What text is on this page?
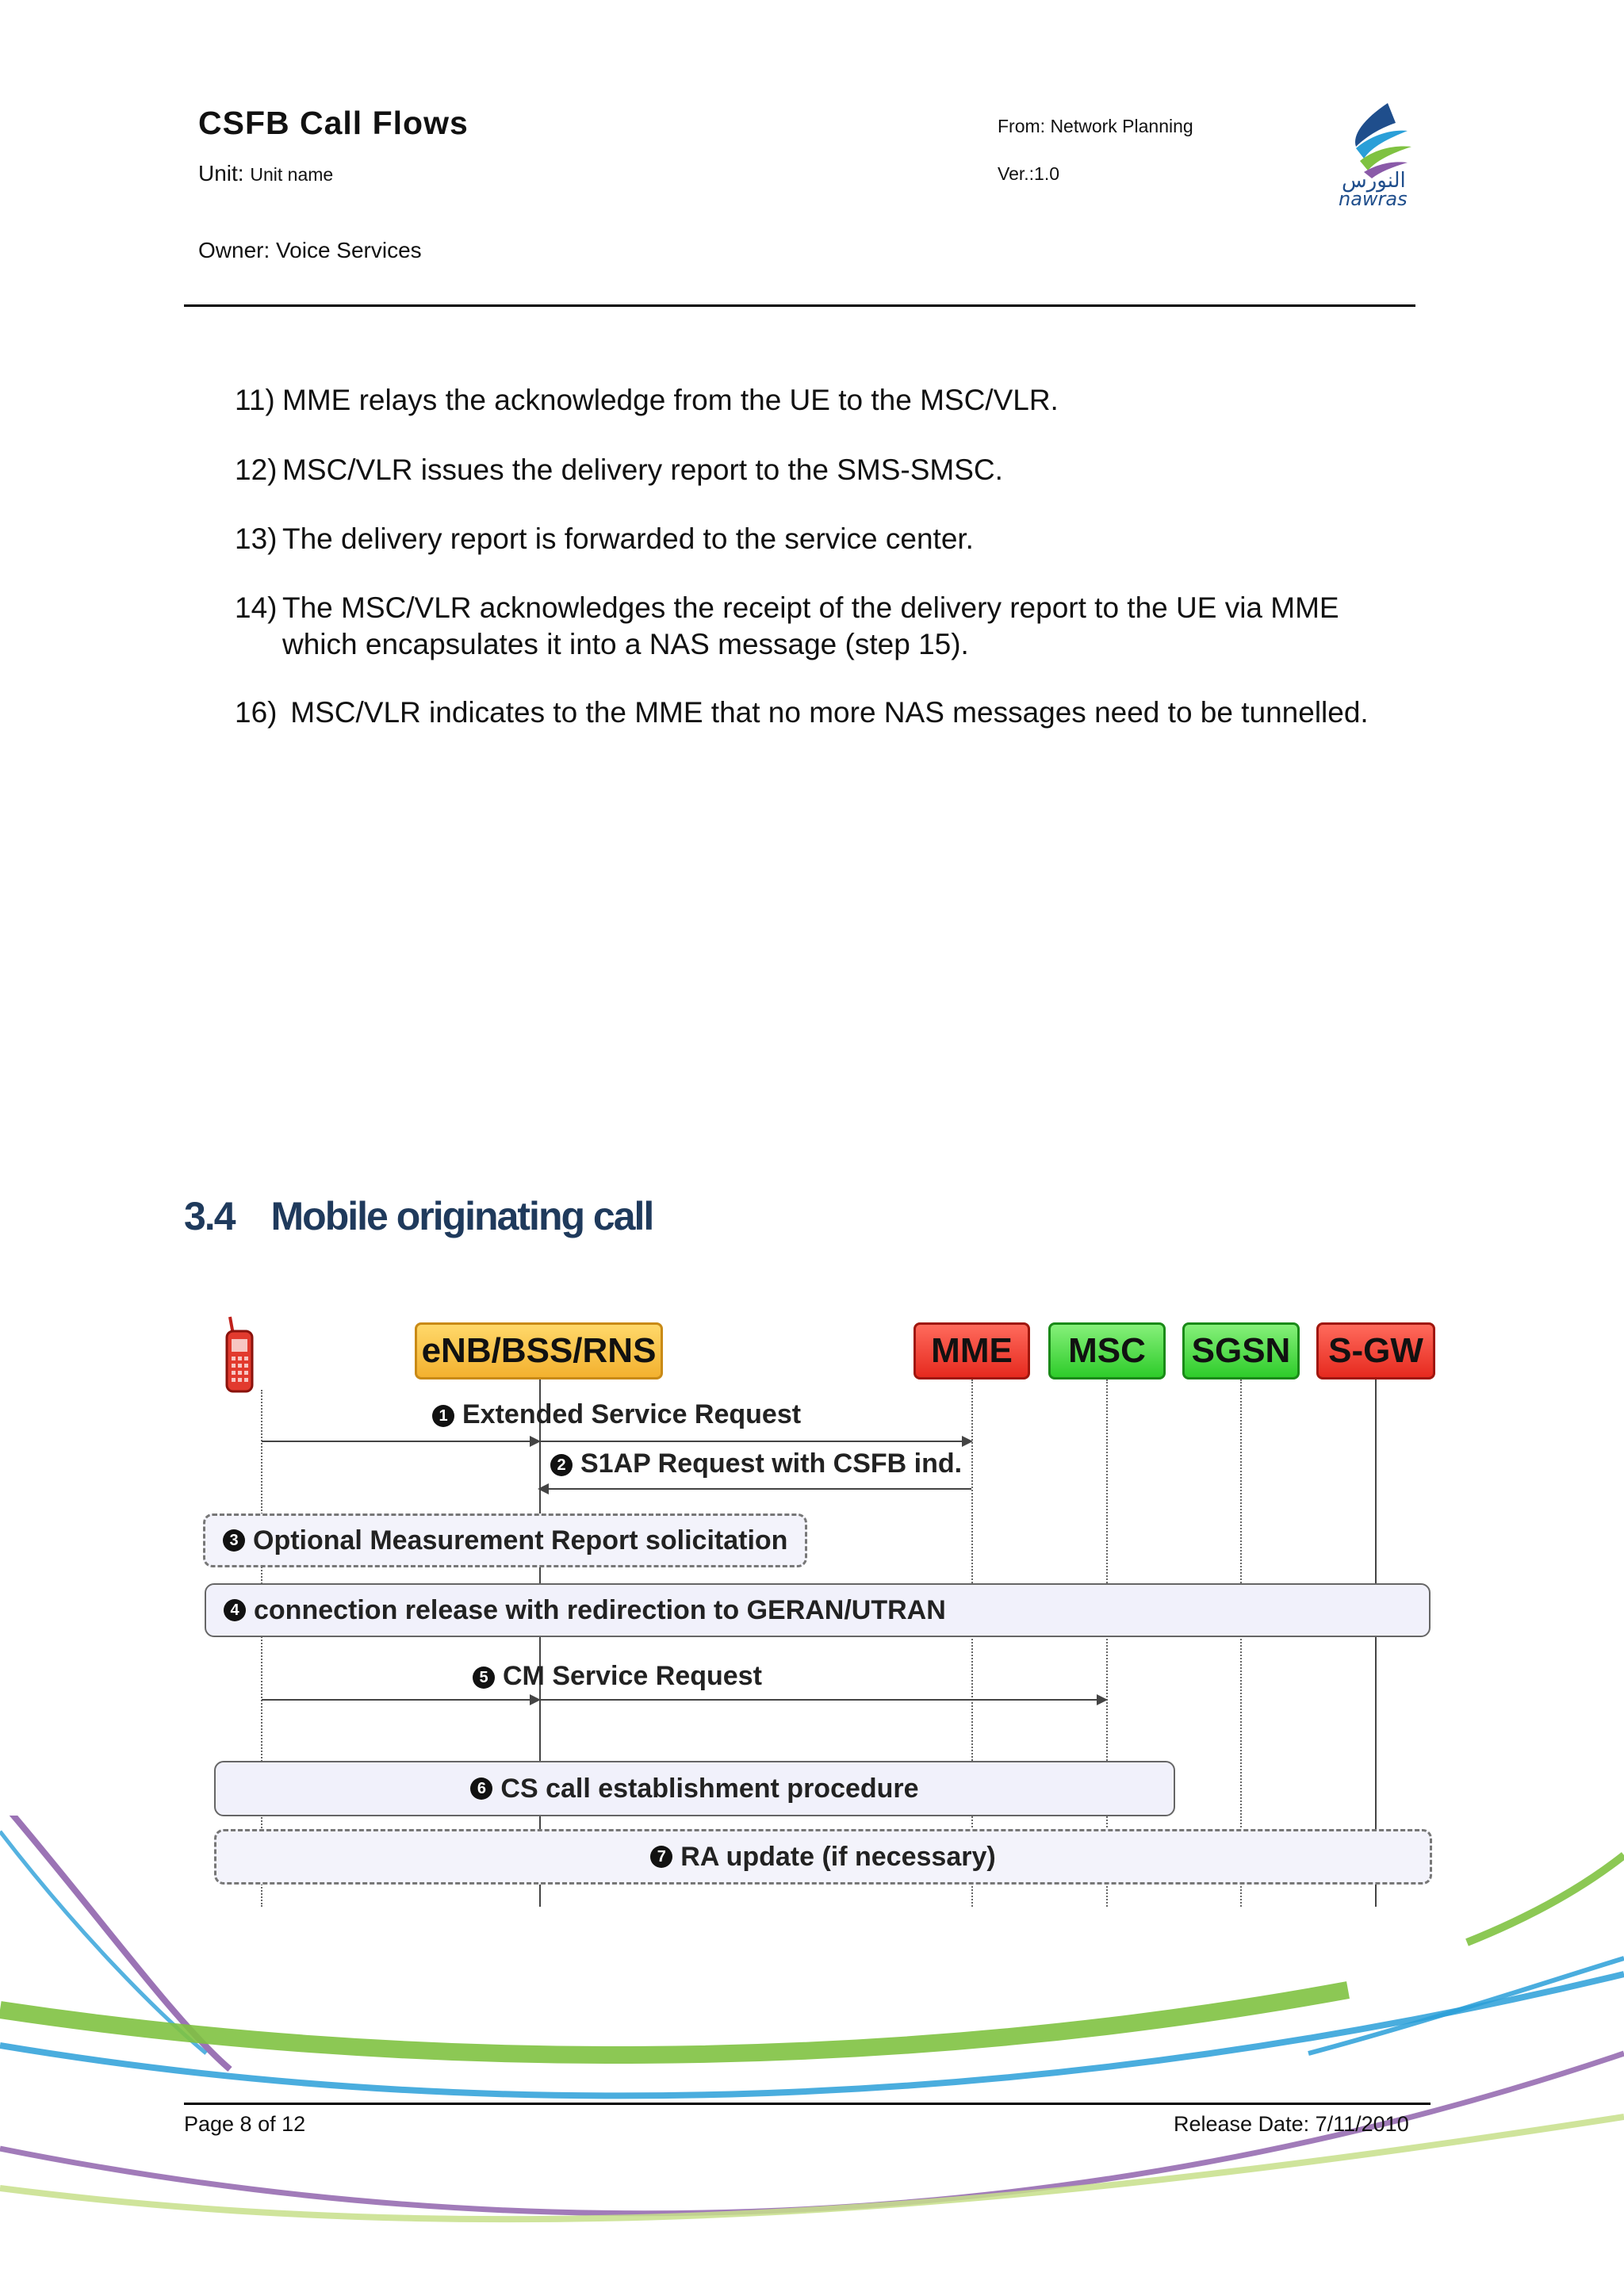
CSFB Call Flows
Unit: Unit name
Owner: Voice Services
From: Network Planning
Ver.:1.0	النورس
nawras
11) MME relays the acknowledge from the UE to the MSC/VLR.
12) MSC/VLR issues the delivery report to the SMS-SMSC.
13) The delivery report is forwarded to the service center.
14) The MSC/VLR acknowledges the receipt of the delivery report to the UE via MME
which encapsulates it into a NAS message (step 15).
16) MSC/VLR indicates to the MME that no more NAS messages need to be tunnelled.
3.4 Mobile originating call
eNB/BSS/RNS	MME	MSC	SGSN	S-GW
1 Extended Service Request
2 S1AP Request with CSFB ind.
3 Optional Measurement Report solicitation
4 connection release with redirection to GERAN/UTRAN
5 CM Service Request
6 CS call establishment procedure
7 RA update (if necessary)
Page 8 of 12	Release Date: 7/11/2010
